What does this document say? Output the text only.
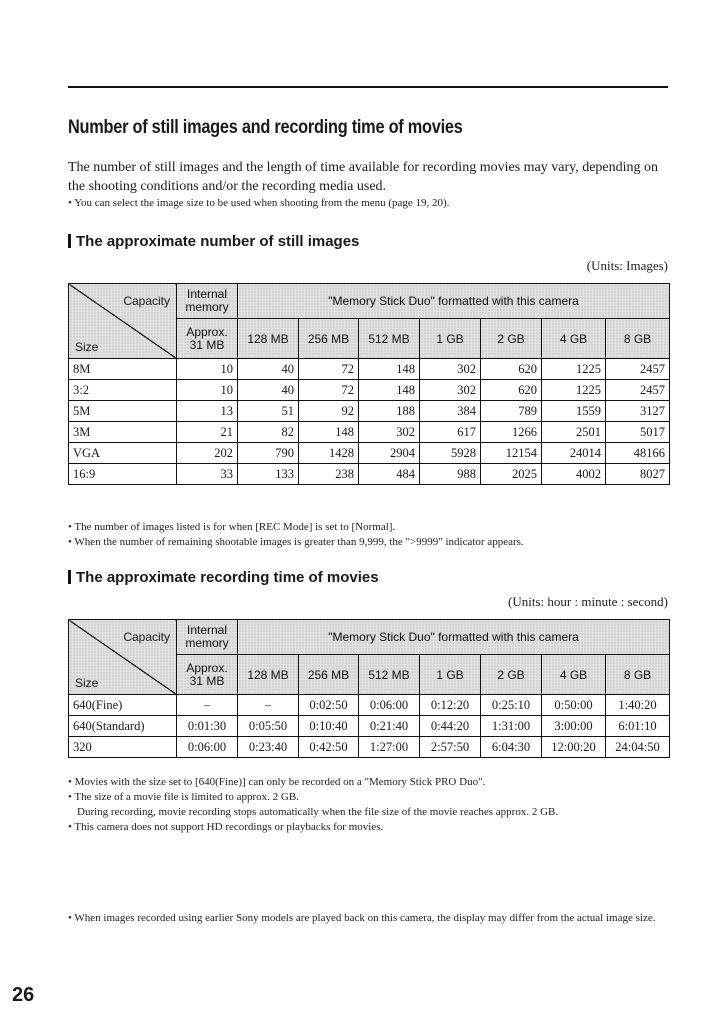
Number of still images and recording time of movies
The number of still images and the length of time available for recording movies may vary, depending on the shooting conditions and/or the recording media used.
• You can select the image size to be used when shooting from the menu (page 19, 20).
The approximate number of still images
(Units: Images)
Capacity
Size	Internal memory	"Memory Stick Duo" formatted with this camera						
	Approx. 31 MB	128 MB	256 MB	512 MB	1 GB	2 GB	4 GB	8 GB
8M	10	40	72	148	302	620	1225	2457
3:2	10	40	72	148	302	620	1225	2457
5M	13	51	92	188	384	789	1559	3127
3M	21	82	148	302	617	1266	2501	5017
VGA	202	790	1428	2904	5928	12154	24014	48166
16:9	33	133	238	484	988	2025	4002	8027
• The number of images listed is for when [REC Mode] is set to [Normal].
• When the number of remaining shootable images is greater than 9,999, the ">9999" indicator appears.
The approximate recording time of movies
(Units: hour : minute : second)
Capacity
Size	Internal memory	"Memory Stick Duo" formatted with this camera						
	Approx. 31 MB	128 MB	256 MB	512 MB	1 GB	2 GB	4 GB	8 GB
640(Fine)	–	–	0:02:50	0:06:00	0:12:20	0:25:10	0:50:00	1:40:20
640(Standard)	0:01:30	0:05:50	0:10:40	0:21:40	0:44:20	1:31:00	3:00:00	6:01:10
320	0:06:00	0:23:40	0:42:50	1:27:00	2:57:50	6:04:30	12:00:20	24:04:50
• Movies with the size set to [640(Fine)] can only be recorded on a "Memory Stick PRO Duo".
• The size of a movie file is limited to approx. 2 GB.
During recording, movie recording stops automatically when the file size of the movie reaches approx. 2 GB.
• This camera does not support HD recordings or playbacks for movies.
• When images recorded using earlier Sony models are played back on this camera, the display may differ from the actual image size.
26
